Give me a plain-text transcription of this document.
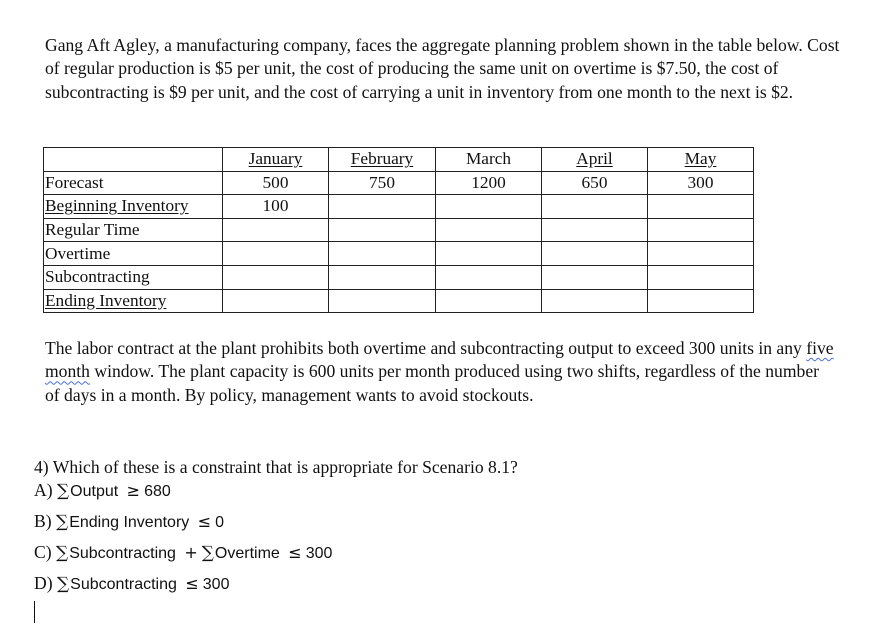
Gang Aft Agley, a manufacturing company, faces the aggregate planning problem shown in the table below. Cost of regular production is $5 per unit, the cost of producing the same unit on overtime is $7.50, the cost of subcontracting is $9 per unit, and the cost of carrying a unit in inventory from one month to the next is $2.

	January	February	March	April	May
Forecast	500	750	1200	650	300
Beginning Inventory	100				
Regular Time					
Overtime					
Subcontracting					
Ending Inventory					

The labor contract at the plant prohibits both overtime and subcontracting output to exceed 300 units in any five month window. The plant capacity is 600 units per month produced using two shifts, regardless of the number of days in a month. By policy, management wants to avoid stockouts.

4) Which of these is a constraint that is appropriate for Scenario 8.1?
A) ∑Output ≥ 680
B) ∑Ending Inventory ≤ 0
C) ∑Subcontracting + ∑Overtime ≤ 300
D) ∑Subcontracting ≤ 300
